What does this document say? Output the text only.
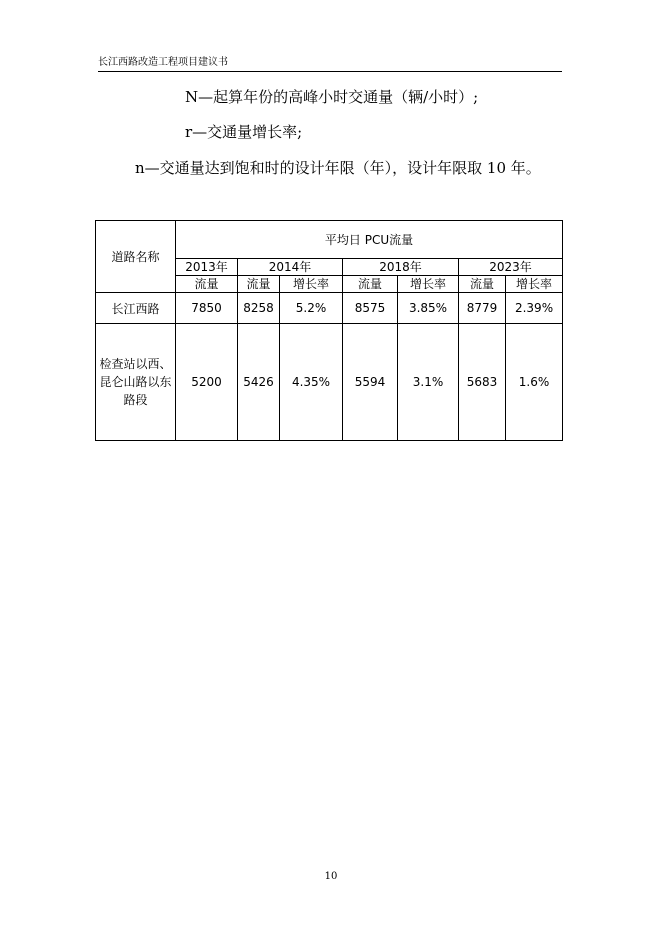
长江西路改造工程项目建议书
N—起算年份的高峰小时交通量（辆/小时）;
r—交通量增长率;
n—交通量达到饱和时的设计年限（年），设计年限取 10 年。
道路名称	平均日 PCU流量						
	2013年	2014年		2018年		2023年	
	流量	流量	增长率	流量	增长率	流量	增长率
长江西路	7850	8258	5.2%	8575	3.85%	8779	2.39%
检查站以西、昆仑山路以东路段	5200	5426	4.35%	5594	3.1%	5683	1.6%
10
